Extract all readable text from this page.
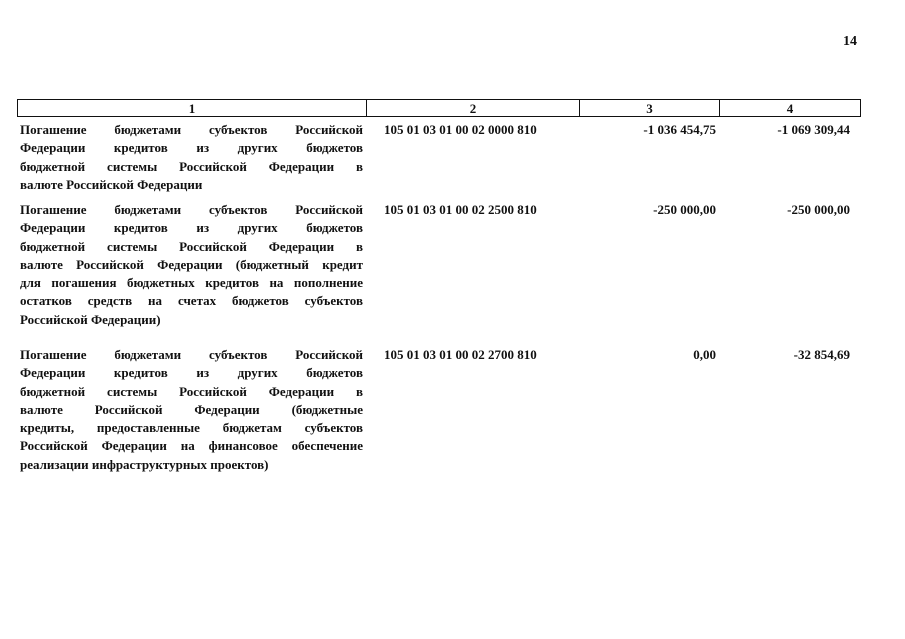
14
1	2	3	4
Погашение бюджетами субъектов Российской
Федерации кредитов из других бюджетов
бюджетной системы Российской Федерации в
валюте Российской Федерации
105 01 03 01 00 02 0000 810	-1 036 454,75	-1 069 309,44
Погашение бюджетами субъектов Российской
Федерации кредитов из других бюджетов
бюджетной системы Российской Федерации в
валюте Российской Федерации (бюджетный кредит
для погашения бюджетных кредитов на пополнение
остатков средств на счетах бюджетов субъектов
Российской Федерации)
105 01 03 01 00 02 2500 810	-250 000,00	-250 000,00
Погашение бюджетами субъектов Российской
Федерации кредитов из других бюджетов
бюджетной системы Российской Федерации в
валюте Российской Федерации (бюджетные
кредиты, предоставленные бюджетам субъектов
Российской Федерации на финансовое обеспечение
реализации инфраструктурных проектов)
105 01 03 01 00 02 2700 810	0,00	-32 854,69
